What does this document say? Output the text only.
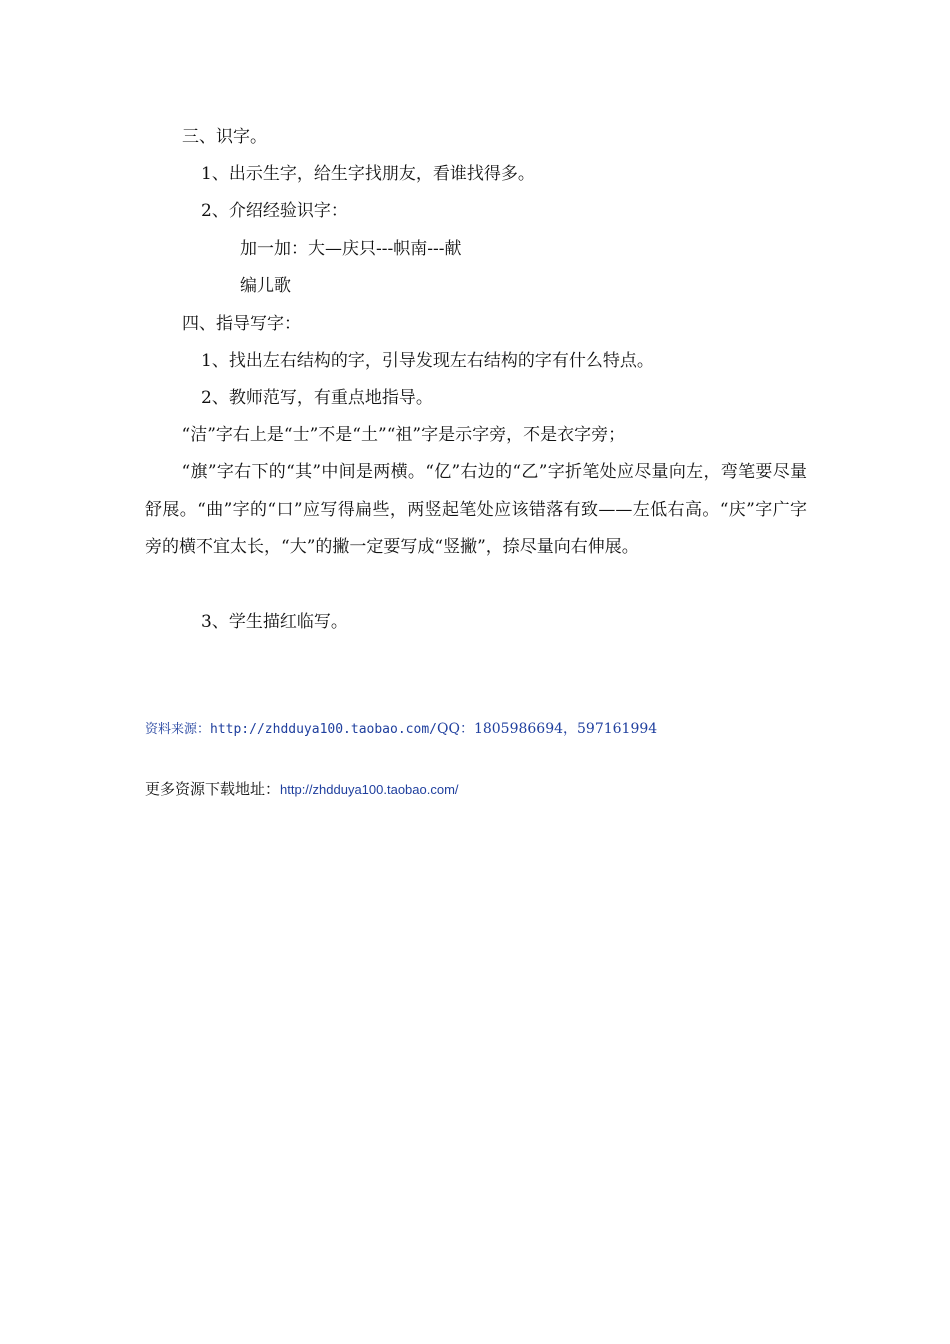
三、识字。
1、出示生字，给生字找朋友，看谁找得多。
2、介绍经验识字：
加一加：大—庆只---帜南---献
编儿歌
四、指导写字：
1、找出左右结构的字，引导发现左右结构的字有什么特点。
2、教师范写，有重点地指导。
“洁”字右上是“士”不是“土”“祖”字是示字旁，不是衣字旁；
“旗”字右下的“其”中间是两横。“亿”右边的“乙”字折笔处应尽量向左，弯笔要尽量舒展。“曲”字的“口”应写得扁些，两竖起笔处应该错落有致——左低右高。“庆”字广字旁的横不宜太长，“大”的撇一定要写成“竖撇”，捺尽量向右伸展。
3、学生描红临写。
资料来源：http://zhdduya100.taobao.com/QQ：1805986694，597161994
更多资源下载地址：http://zhdduya100.taobao.com/
